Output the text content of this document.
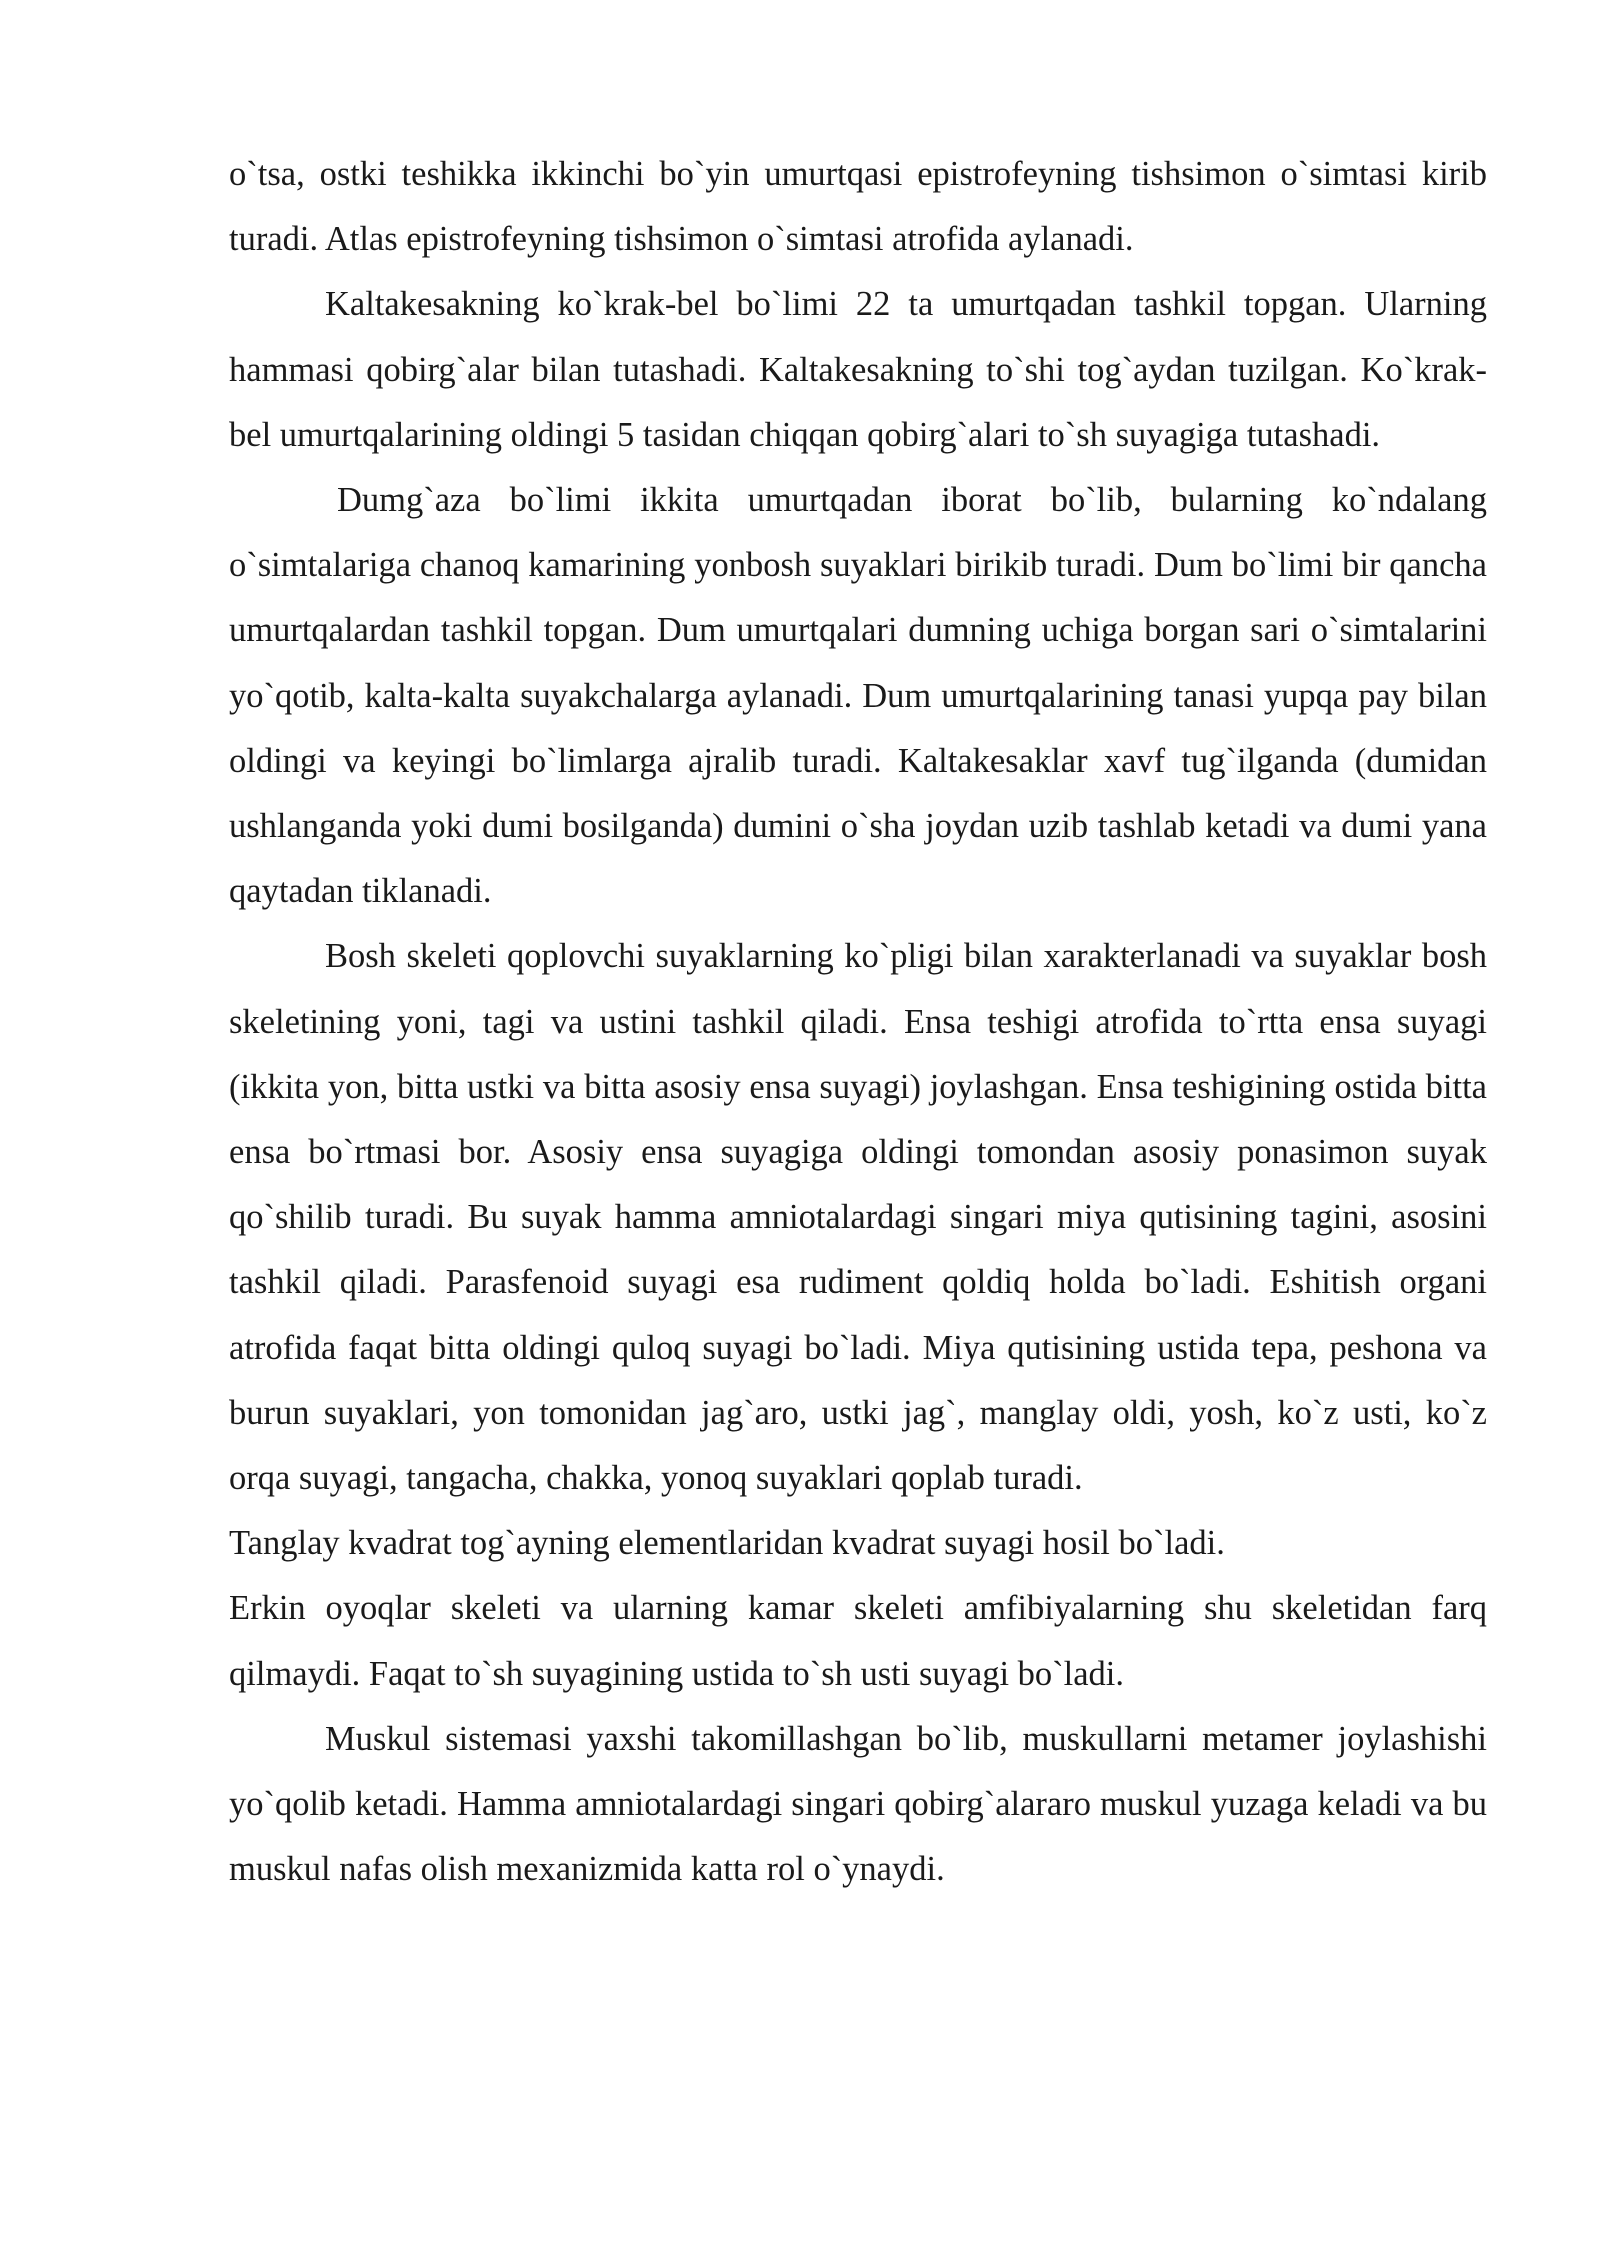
o`tsa, ostki teshikka ikkinchi bo`yin umurtqasi epistrofeyning tishsimon o`simtasi kirib turadi. Atlas epistrofeyning tishsimon o`simtasi atrofida aylanadi.

Kaltakesakning ko`krak-bel bo`limi 22 ta umurtqadan tashkil topgan. Ularning hammasi qobirg`alar bilan tutashadi. Kaltakesakning to`shi tog`aydan tuzilgan. Ko`krak-bel umurtqalarining oldingi 5 tasidan chiqqan qobirg`alari to`sh suyagiga tutashadi.

Dumg`aza bo`limi ikkita umurtqadan iborat bo`lib, bularning ko`ndalang o`simtalariga chanoq kamarining yonbosh suyaklari birikib turadi. Dum bo`limi bir qancha umurtqalardan tashkil topgan. Dum umurtqalari dumning uchiga borgan sari o`simtalarini yo`qotib, kalta-kalta suyakchalarga aylanadi. Dum umurtqalarining tanasi yupqa pay bilan oldingi va keyingi bo`limlarga ajralib turadi. Kaltakesaklar xavf tug`ilganda (dumidan ushlanganda yoki dumi bosilganda) dumini o`sha joydan uzib tashlab ketadi va dumi yana qaytadan tiklanadi.

Bosh skeleti qoplovchi suyaklarning ko`pligi bilan xarakterlanadi va suyaklar bosh skeletining yoni, tagi va ustini tashkil qiladi. Ensa teshigi atrofida to`rtta ensa suyagi (ikkita yon, bitta ustki va bitta asosiy ensa suyagi) joylashgan. Ensa teshigining ostida bitta ensa bo`rtmasi bor. Asosiy ensa suyagiga oldingi tomondan asosiy ponasimon suyak qo`shilib turadi. Bu suyak hamma amniotalardagi singari miya qutisining tagini, asosini tashkil qiladi. Parasfenoid suyagi esa rudiment qoldiq holda bo`ladi. Eshitish organi atrofida faqat bitta oldingi quloq suyagi bo`ladi. Miya qutisining ustida tepa, peshona va burun suyaklari, yon tomonidan jag`aro, ustki jag`, manglay oldi, yosh, ko`z usti, ko`z orqa suyagi, tangacha, chakka, yonoq suyaklari qoplab turadi.

Tanglay kvadrat tog`ayning elementlaridan kvadrat suyagi hosil bo`ladi.

Erkin oyoqlar skeleti va ularning kamar skeleti amfibiyalarning shu skeletidan farq qilmaydi. Faqat to`sh suyagining ustida to`sh usti suyagi bo`ladi.

Muskul sistemasi yaxshi takomillashgan bo`lib, muskullarni metamer joylashishi yo`qolib ketadi. Hamma amniotalardagi singari qobirg`alararo muskul yuzaga keladi va bu muskul nafas olish mexanizmida katta rol o`ynaydi.
